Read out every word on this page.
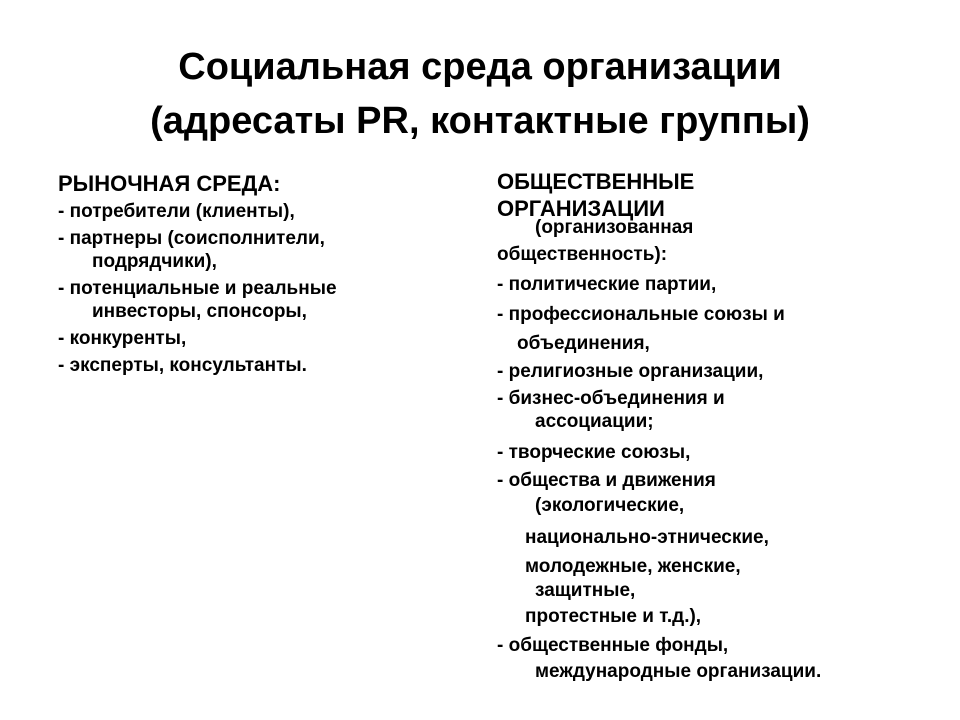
Социальная среда организации
(адресаты PR, контактные группы)
РЫНОЧНАЯ СРЕДА:
- потребители (клиенты),
- партнеры (соисполнители,
подрядчики),
- потенциальные и реальные
инвесторы, спонсоры,
- конкуренты,
- эксперты, консультанты.
ОБЩЕСТВЕННЫЕ
ОРГАНИЗАЦИИ
(организованная
общественность):
- политические партии,
- профессиональные союзы и
объединения,
- религиозные организации,
- бизнес-объединения и
ассоциации;
- творческие союзы,
- общества и движения
(экологические,
национально-этнические,
молодежные, женские,
защитные,
протестные и т.д.),
- общественные фонды,
международные организации.
